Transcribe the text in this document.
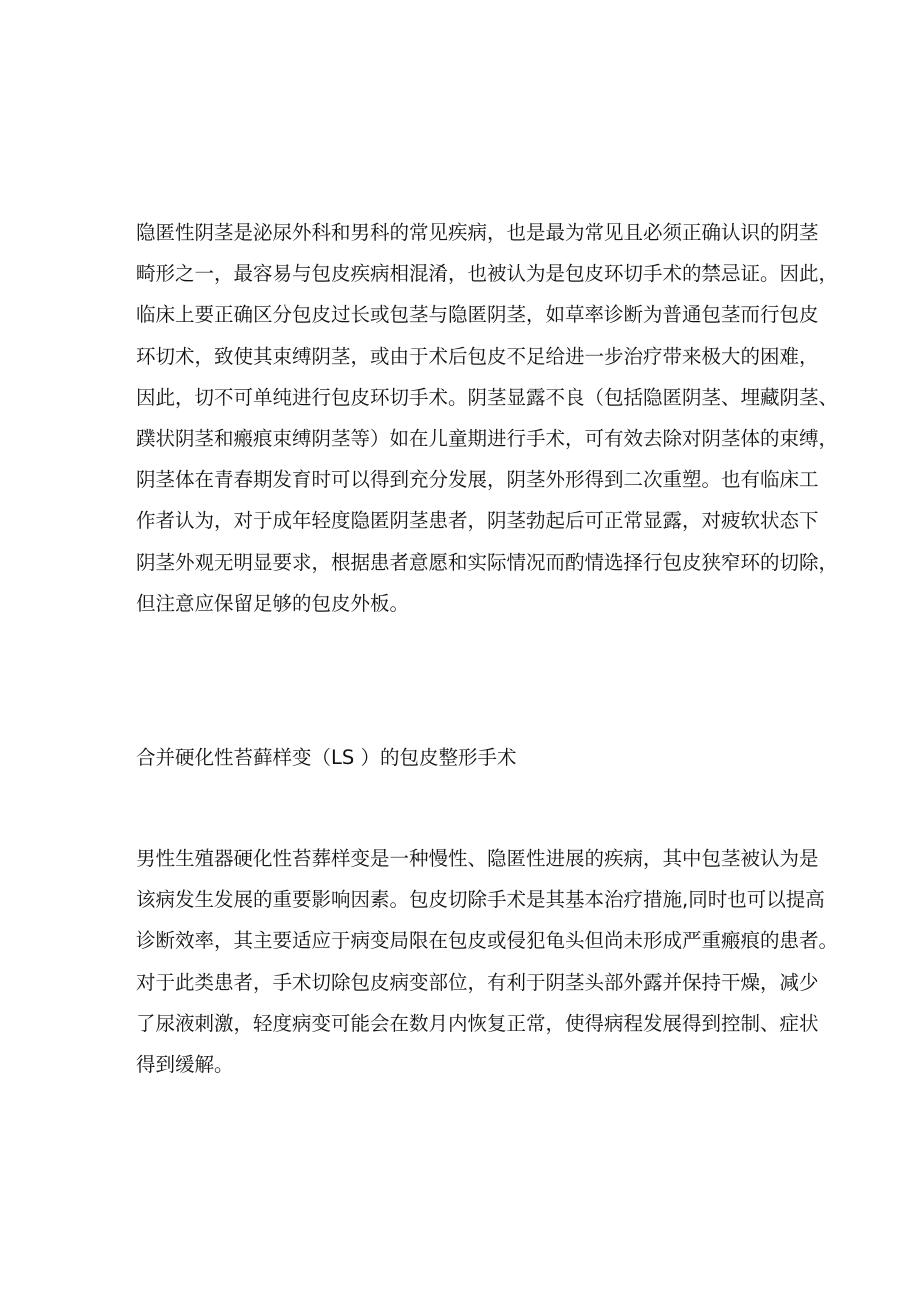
隐匿性阴茎是泌尿外科和男科的常见疾病，也是最为常见且必须正确认识的阴茎
畸形之一，最容易与包皮疾病相混淆，也被认为是包皮环切手术的禁忌证。因此，
临床上要正确区分包皮过长或包茎与隐匿阴茎，如草率诊断为普通包茎而行包皮
环切术，致使其束缚阴茎，或由于术后包皮不足给进一步治疗带来极大的困难，
因此，切不可单纯进行包皮环切手术。阴茎显露不良（包括隐匿阴茎、埋藏阴茎、
蹼状阴茎和瘢痕束缚阴茎等）如在儿童期进行手术，可有效去除对阴茎体的束缚，
阴茎体在青春期发育时可以得到充分发展，阴茎外形得到二次重塑。也有临床工
作者认为，对于成年轻度隐匿阴茎患者，阴茎勃起后可正常显露，对疲软状态下
阴茎外观无明显要求，根据患者意愿和实际情况而酌情选择行包皮狭窄环的切除，
但注意应保留足够的包皮外板。
合并硬化性苔藓样变（LS ）的包皮整形手术
男性生殖器硬化性苔葬样变是一种慢性、隐匿性进展的疾病，其中包茎被认为是
该病发生发展的重要影响因素。包皮切除手术是其基本治疗措施,同时也可以提高
诊断效率，其主要适应于病变局限在包皮或侵犯龟头但尚未形成严重瘢痕的患者。
对于此类患者，手术切除包皮病变部位，有利于阴茎头部外露并保持干燥，减少
了尿液刺激，轻度病变可能会在数月内恢复正常，使得病程发展得到控制、症状
得到缓解。
